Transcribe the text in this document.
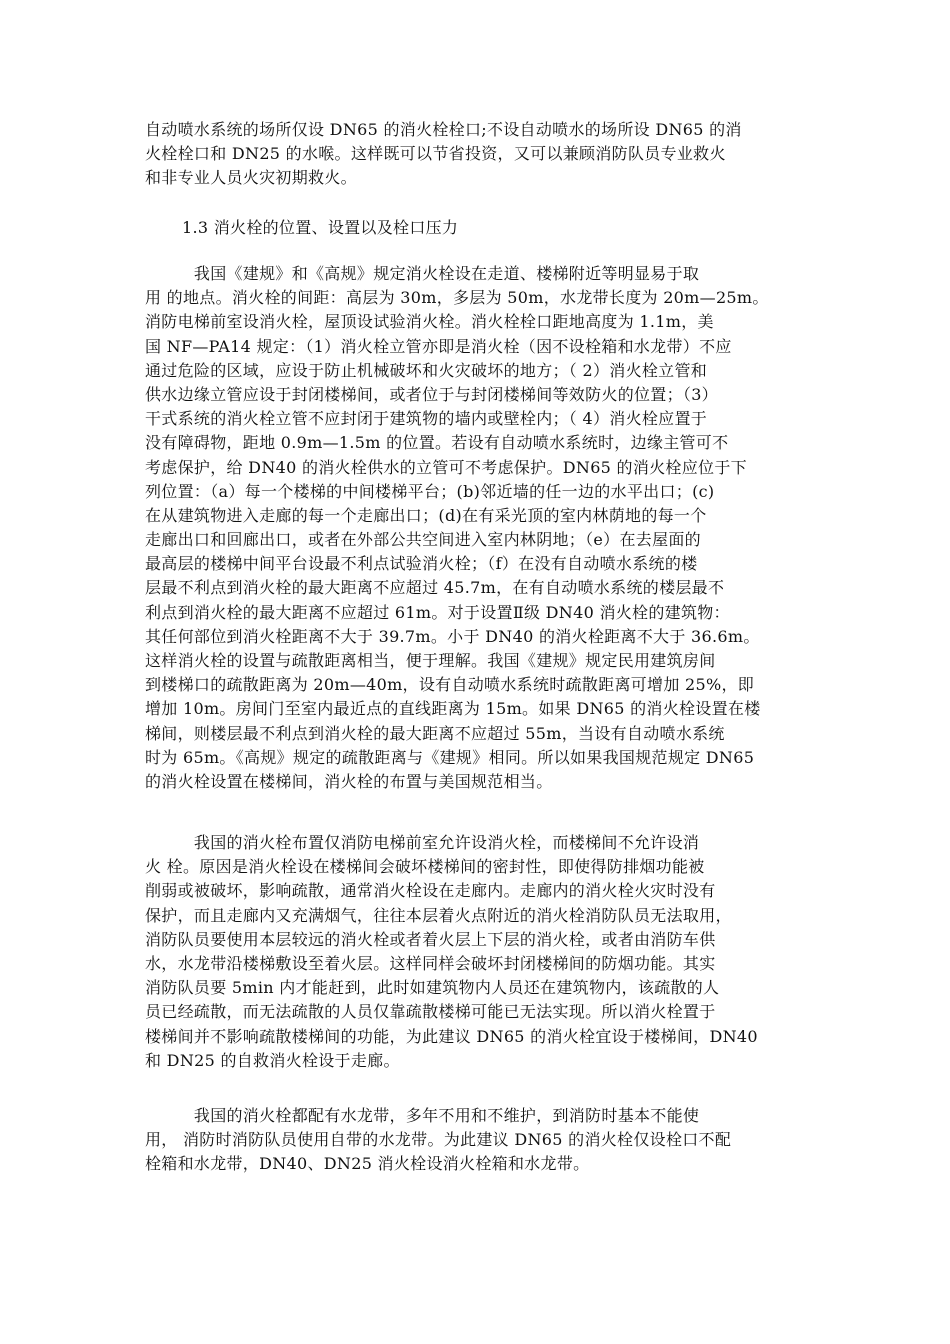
自动喷水系统的场所仅设 DN65 的消火栓栓口;不设自动喷水的场所设 DN65 的消
火栓栓口和 DN25 的水喉。这样既可以节省投资，又可以兼顾消防队员专业救火
和非专业人员火灾初期救火。
1.3 消火栓的位置、设置以及栓口压力
　　　我国《建规》和《高规》规定消火栓设在走道、楼梯附近等明显易于取
用 的地点。消火栓的间距：高层为 30m，多层为 50m，水龙带长度为 20m—25m。
消防电梯前室设消火栓，屋顶设试验消火栓。消火栓栓口距地高度为 1.1m，美
国 NF—PA14 规定：（1）消火栓立管亦即是消火栓（因不设栓箱和水龙带）不应
通过危险的区域，应设于防止机械破坏和火灾破坏的地方；（ 2）消火栓立管和
供水边缘立管应设于封闭楼梯间，或者位于与封闭楼梯间等效防火的位置；（3）
干式系统的消火栓立管不应封闭于建筑物的墙内或壁栓内；（ 4）消火栓应置于
没有障碍物，距地 0.9m—1.5m 的位置。若设有自动喷水系统时，边缘主管可不
考虑保护，给 DN40 的消火栓供水的立管可不考虑保护。DN65 的消火栓应位于下
列位置：（a）每一个楼梯的中间楼梯平台；(b)邻近墙的任一边的水平出口；(c)
在从建筑物进入走廊的每一个走廊出口；(d)在有采光顶的室内林荫地的每一个
走廊出口和回廊出口，或者在外部公共空间进入室内林阴地；（e）在去屋面的
最高层的楼梯中间平台设最不利点试验消火栓；（f）在没有自动喷水系统的楼
层最不利点到消火栓的最大距离不应超过 45.7m，在有自动喷水系统的楼层最不
利点到消火栓的最大距离不应超过 61m。对于设置Ⅱ级 DN40 消火栓的建筑物：
其任何部位到消火栓距离不大于 39.7m。小于 DN40 的消火栓距离不大于 36.6m。
这样消火栓的设置与疏散距离相当，便于理解。我国《建规》规定民用建筑房间
到楼梯口的疏散距离为 20m—40m，设有自动喷水系统时疏散距离可增加 25%，即
增加 10m。房间门至室内最近点的直线距离为 15m。如果 DN65 的消火栓设置在楼
梯间，则楼层最不利点到消火栓的最大距离不应超过 55m，当设有自动喷水系统
时为 65m。《高规》规定的疏散距离与《建规》相同。所以如果我国规范规定 DN65
的消火栓设置在楼梯间，消火栓的布置与美国规范相当。
　　　我国的消火栓布置仅消防电梯前室允许设消火栓，而楼梯间不允许设消
火 栓。原因是消火栓设在楼梯间会破坏楼梯间的密封性，即使得防排烟功能被
削弱或被破坏，影响疏散，通常消火栓设在走廊内。走廊内的消火栓火灾时没有
保护，而且走廊内又充满烟气，往往本层着火点附近的消火栓消防队员无法取用，
消防队员要使用本层较远的消火栓或者着火层上下层的消火栓，或者由消防车供
水，水龙带沿楼梯敷设至着火层。这样同样会破坏封闭楼梯间的防烟功能。其实
消防队员要 5min 内才能赶到，此时如建筑物内人员还在建筑物内，该疏散的人
员已经疏散，而无法疏散的人员仅靠疏散楼梯可能已无法实现。所以消火栓置于
楼梯间并不影响疏散楼梯间的功能，为此建议 DN65 的消火栓宜设于楼梯间，DN40
和 DN25 的自救消火栓设于走廊。
　　　我国的消火栓都配有水龙带，多年不用和不维护，到消防时基本不能使
用， 消防时消防队员使用自带的水龙带。为此建议 DN65 的消火栓仅设栓口不配
栓箱和水龙带，DN40、DN25 消火栓设消火栓箱和水龙带。
